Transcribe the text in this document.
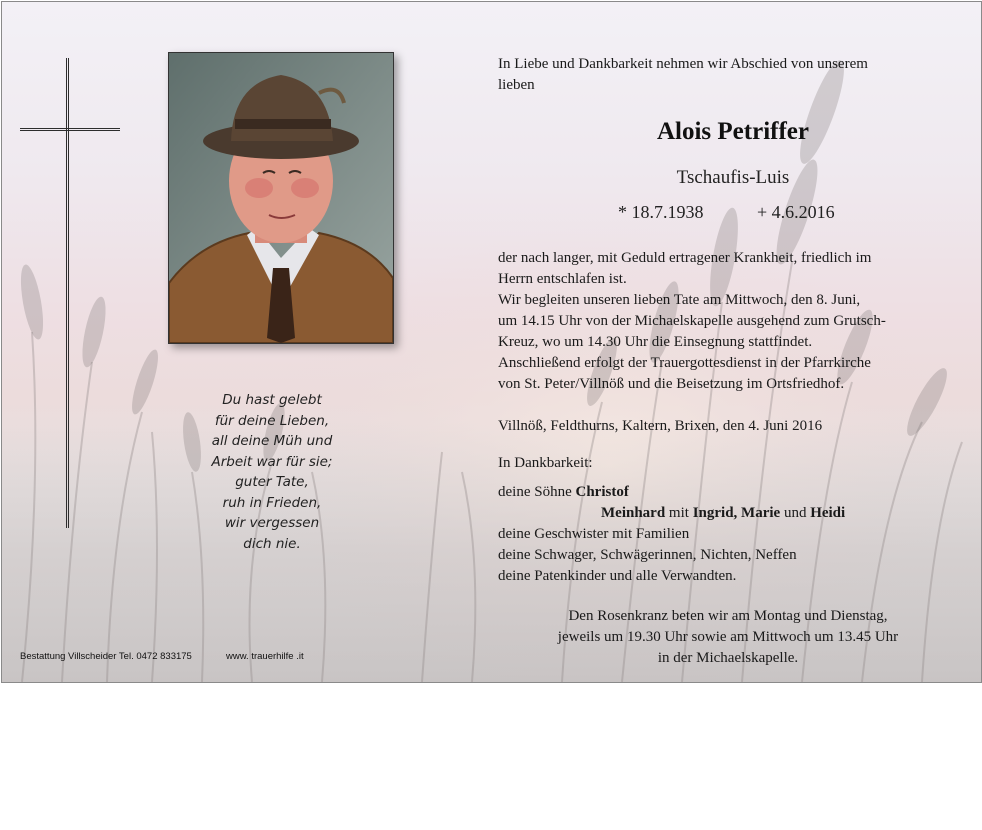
Du hast gelebt
für deine Lieben,
all deine Müh und
Arbeit war für sie;
guter Tate,
ruh in Frieden,
wir vergessen
dich nie.
Bestattung Villscheider Tel. 0472 833175	www. trauerhilfe .it
In Liebe und Dankbarkeit nehmen wir Abschied von unserem
lieben
Alois Petriffer
Tschaufis-Luis
* 18.7.1938	+ 4.6.2016
der nach langer, mit Geduld ertragener Krankheit, friedlich im
Herrn entschlafen ist.
Wir begleiten unseren lieben Tate am Mittwoch, den 8. Juni,
um 14.15 Uhr von der Michaelskapelle ausgehend zum Grutsch-
Kreuz, wo um 14.30 Uhr die Einsegnung stattfindet.
Anschließend erfolgt der Trauergottesdienst in der Pfarrkirche
von St. Peter/Villnöß und die Beisetzung im Ortsfriedhof.
Villnöß, Feldthurns, Kaltern, Brixen, den 4. Juni 2016
In Dankbarkeit:
deine Söhne Christof
Meinhard mit Ingrid, Marie und Heidi
deine Geschwister mit Familien
deine Schwager, Schwägerinnen, Nichten, Neffen
deine Patenkinder und alle Verwandten.
Den Rosenkranz beten wir am Montag und Dienstag,
jeweils um 19.30 Uhr sowie am Mittwoch um 13.45 Uhr
in der Michaelskapelle.
